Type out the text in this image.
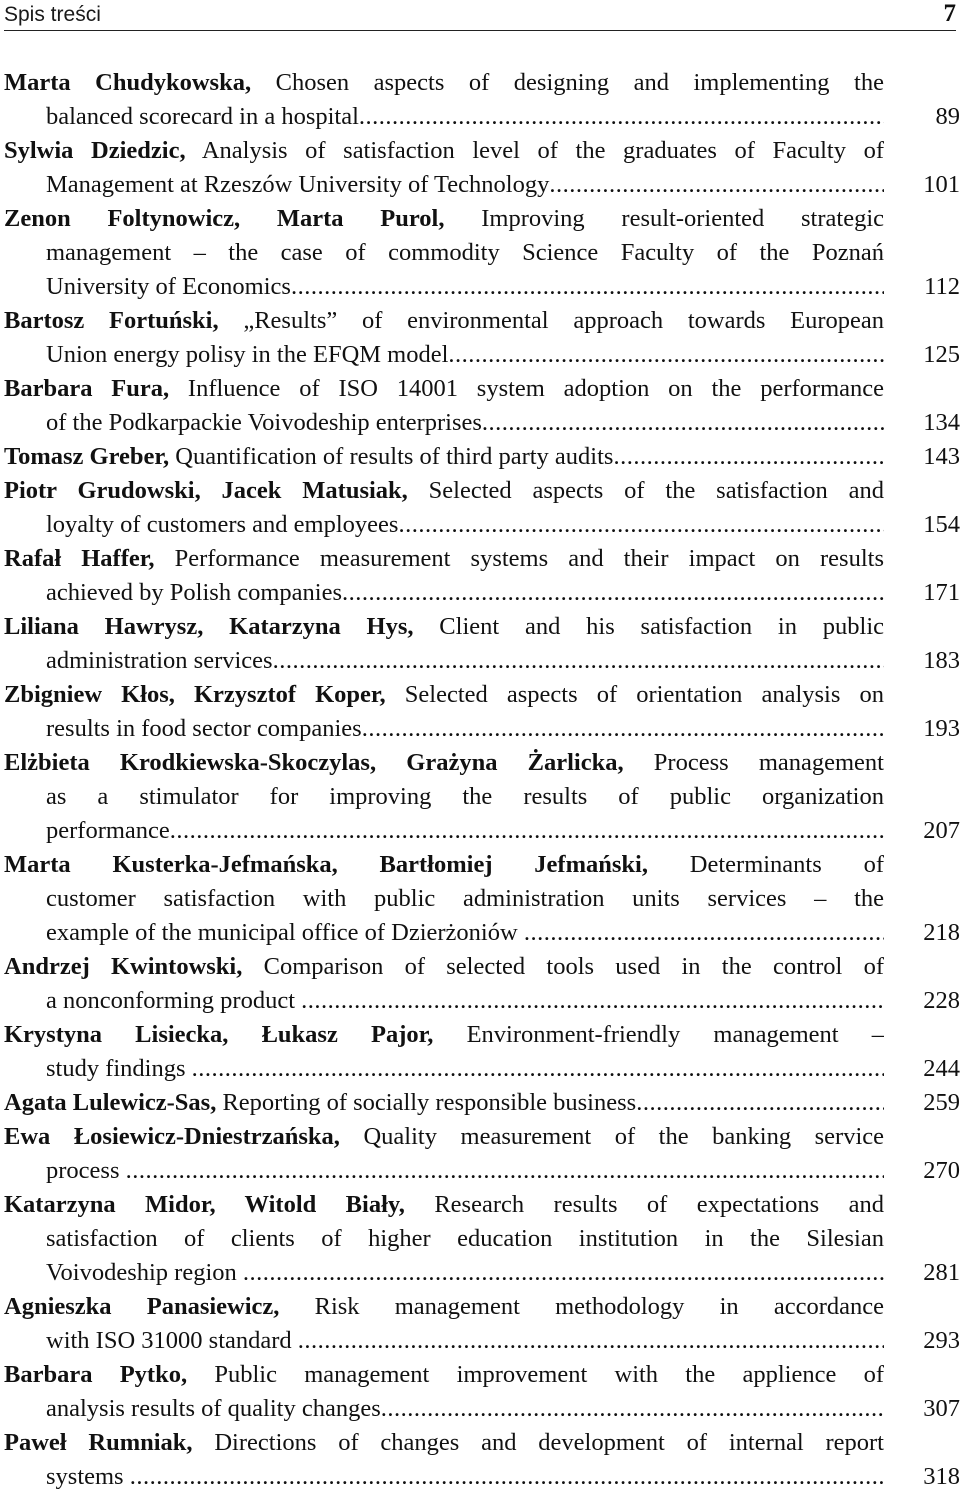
Spis treści	7
Marta Chudykowska, Chosen aspects of designing and implementing the
balanced scorecard in a hospital .....	89
Sylwia Dziedzic, Analysis of satisfaction level of the graduates of Faculty of
Management at Rzeszów University of Technology .....	101
Zenon Foltynowicz, Marta Purol, Improving result-oriented strategic
management – the case of commodity Science Faculty of the Poznań
University of Economics .....	112
Bartosz Fortuński, „Results” of environmental approach towards European
Union energy polisy in the EFQM model .....	125
Barbara Fura, Influence of ISO 14001 system adoption on the performance
of the Podkarpackie Voivodeship enterprises .....	134
Tomasz Greber, Quantification of results of third party audits .....	143
Piotr Grudowski, Jacek Matusiak, Selected aspects of the satisfaction and
loyalty of customers and employees .....	154
Rafał Haffer, Performance measurement systems and their impact on results
achieved by Polish companies .....	171
Liliana Hawrysz, Katarzyna Hys, Client and his satisfaction in public
administration services .....	183
Zbigniew Kłos, Krzysztof Koper, Selected aspects of orientation analysis on
results in food sector companies .....	193
Elżbieta Krodkiewska-Skoczylas, Grażyna Żarlicka, Process management
as a stimulator for improving the results of public organization
performance .....	207
Marta Kusterka-Jefmańska, Bartłomiej Jefmański, Determinants of
customer satisfaction with public administration units services – the
example of the municipal office of Dzierżoniów .....	218
Andrzej Kwintowski, Comparison of selected tools used in the control of
a nonconforming product .....	228
Krystyna Lisiecka, Łukasz Pajor, Environment-friendly management –
study findings .....	244
Agata Lulewicz-Sas, Reporting of socially responsible business .....	259
Ewa Łosiewicz-Dniestrzańska, Quality measurement of the banking service
process .....	270
Katarzyna Midor, Witold Biały, Research results of expectations and
satisfaction of clients of higher education institution in the Silesian
Voivodeship region .....	281
Agnieszka Panasiewicz, Risk management methodology in accordance
with ISO 31000 standard .....	293
Barbara Pytko, Public management improvement with the applience of
analysis results of quality changes .....	307
Paweł Rumniak, Directions of changes and development of internal report
systems .....	318
